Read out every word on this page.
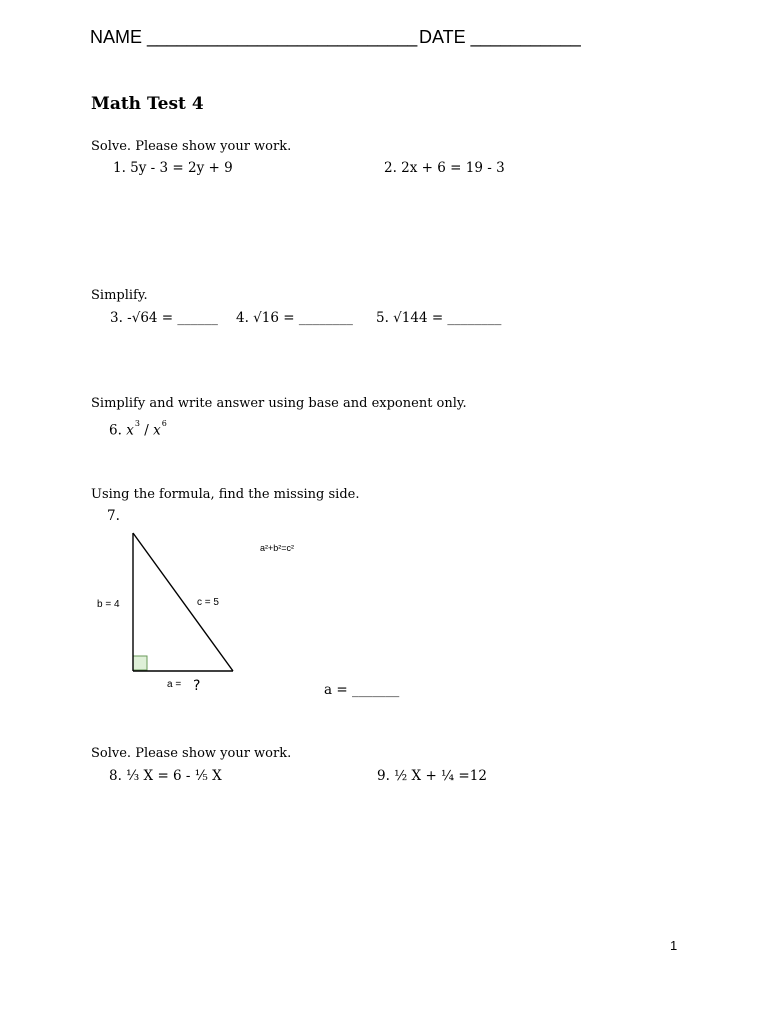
NAME ___________________________ DATE ___________
Math Test 4
Solve. Please show your work.
1. 5y - 3 = 2y + 9	2. 2x + 6 = 19 - 3
Simplify.
3. -√64 = ______ 4. √16 = ________ 5. √144 = ________
Simplify and write answer using base and exponent only.
6. $x^3 / x^6$
Using the formula, find the missing side.
7.
b = 4	c = 5
a = ?
a²+b²=c²
a = _______
Solve. Please show your work.
8. ⅓ X = 6 - ⅕ X	9. ½ X + ¼ =12
1
